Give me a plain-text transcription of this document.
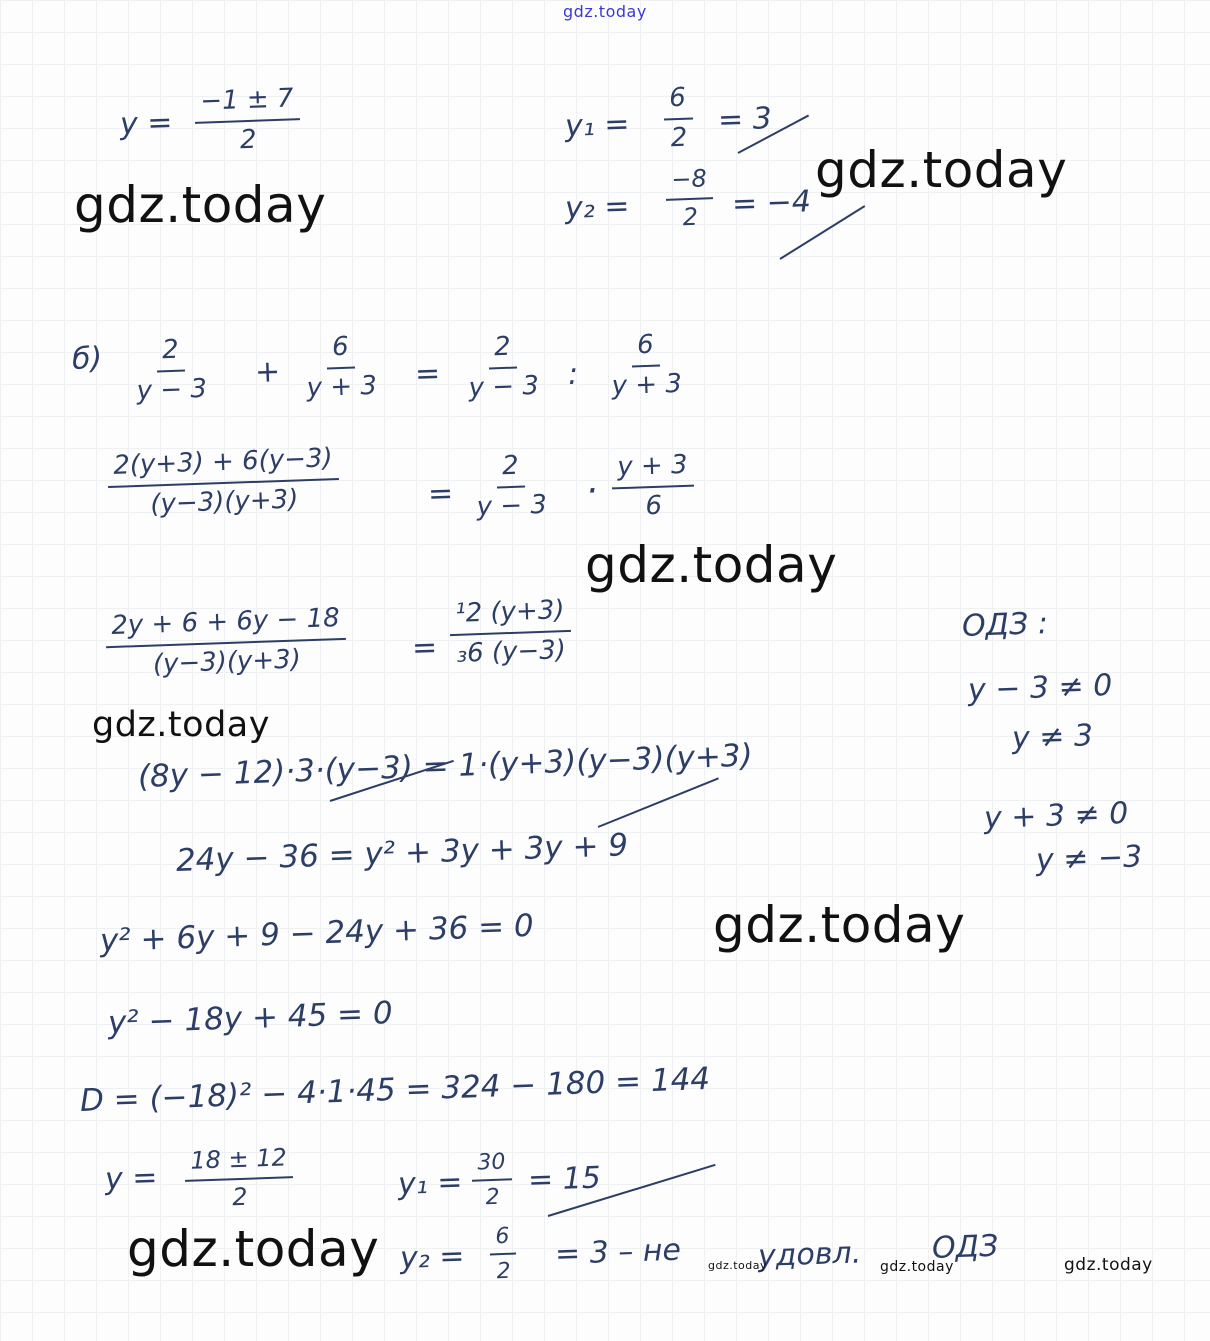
gdz.today
$y = \frac{-1 \pm 7}{2}$	$y_1 = \frac{6}{2} = 3$
$y_2 = \frac{-8}{2} = -4$
$б) \frac{2}{y - 3} + \frac{6}{y + 3} = \frac{2}{y - 3}$ : $\frac{6}{y + 3}$
$\frac{2(y+3) + 6(y-3)}{(y-3)(y+3)}$	= $\frac{2}{y - 3} \cdot \frac{y + 3}{6}$
$\frac{2y + 6 + 6y - 18}{(y-3)(y+3)} = \frac{\text{¹2 (y+3)}}{\text{₃6 (y−3)}}$
(8y − 12)·3·(y−3) = 1·(y+3)(y−3)(y+3)
24y − 36 = y² + 3y + 3y + 9
y² + 6y + 9 − 24y + 36 = 0
y² − 18y + 45 = 0
D = (−18)² − 4·1·45 = 324 − 180 = 144
$y = \frac{18 \pm 12}{2}$	$y_1 = \frac{30}{2} = 15$
$y_2 = \frac{6}{2} = 3$ – не	удовл. ОДЗ
ОДЗ :
y − 3 ≠ 0
y ≠ 3
y + 3 ≠ 0
y ≠ −3
gdz.today
gdz.today
gdz.today
gdz.today
gdz.today
gdz.today	gdz.today	gdz.today	gdz.today
